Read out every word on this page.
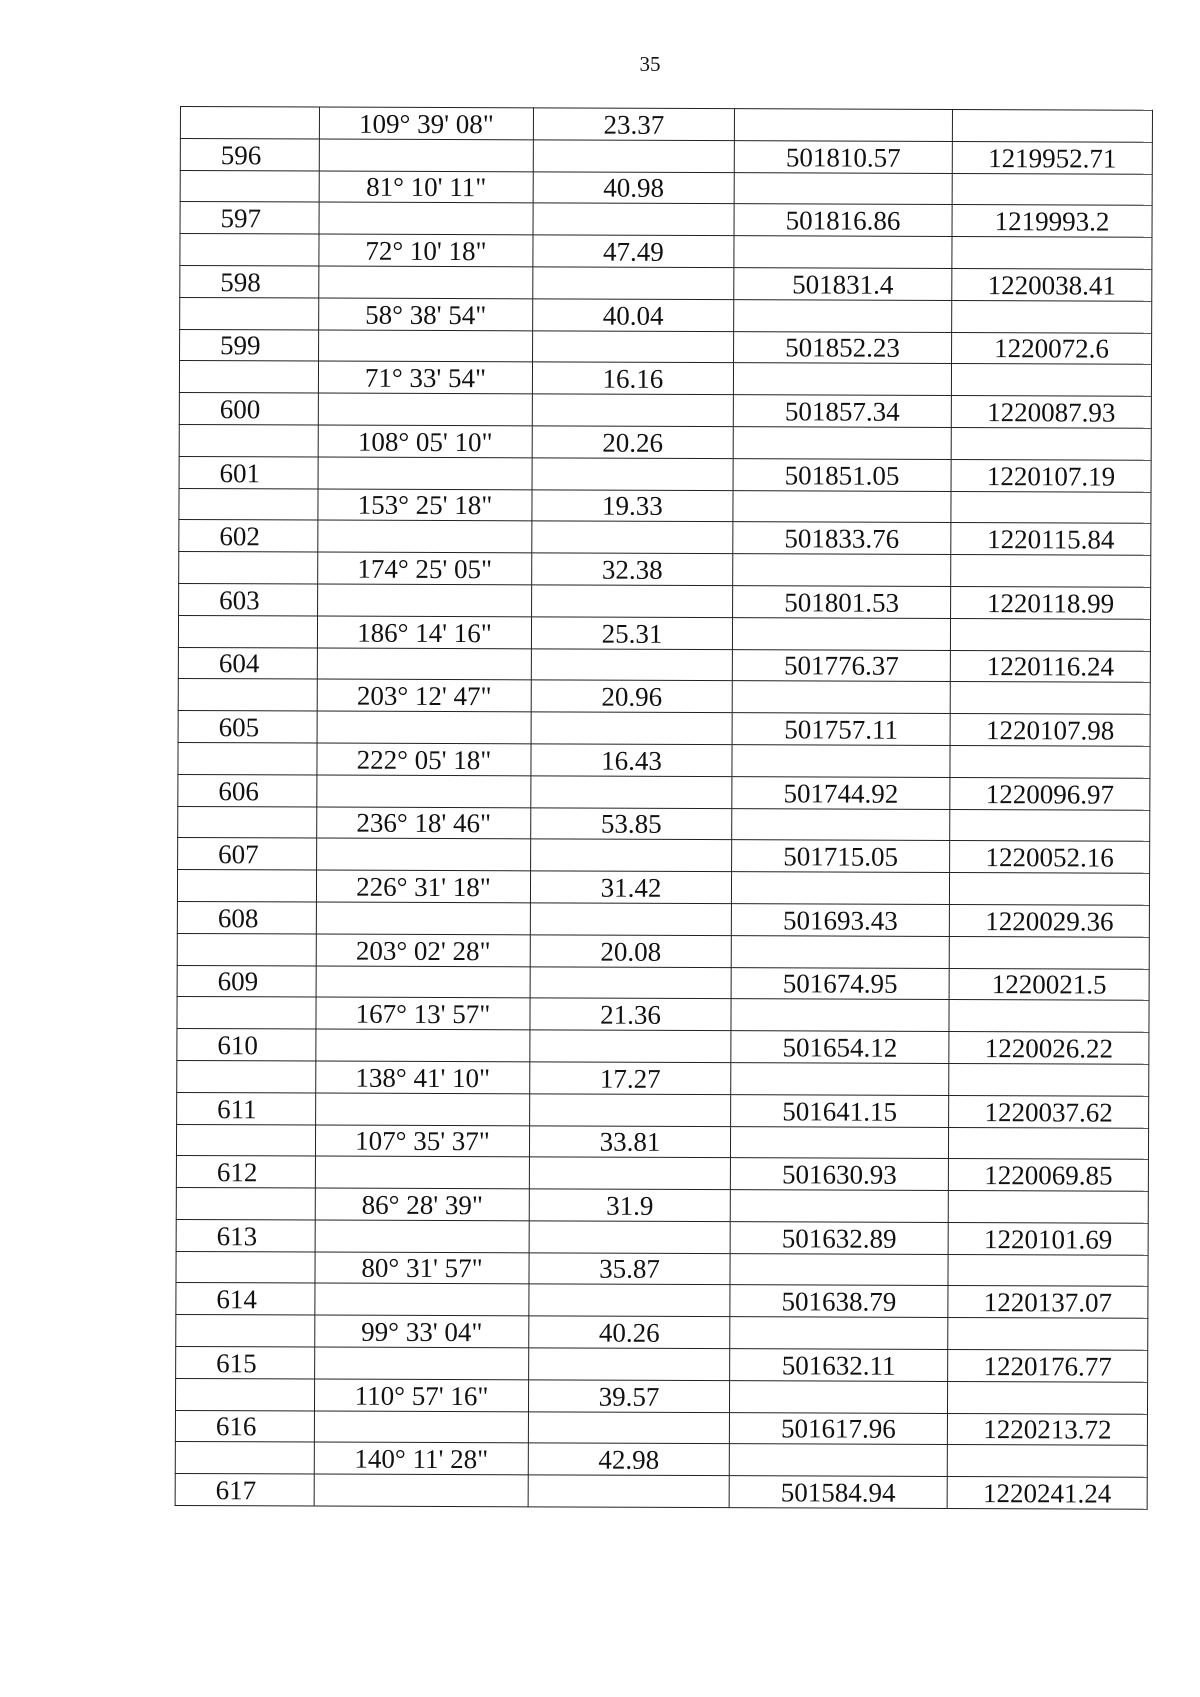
35
	109° 39' 08"	23.37		
596			501810.57	1219952.71
	81° 10' 11"	40.98		
597			501816.86	1219993.2
	72° 10' 18"	47.49		
598			501831.4	1220038.41
	58° 38' 54"	40.04		
599			501852.23	1220072.6
	71° 33' 54"	16.16		
600			501857.34	1220087.93
	108° 05' 10"	20.26		
601			501851.05	1220107.19
	153° 25' 18"	19.33		
602			501833.76	1220115.84
	174° 25' 05"	32.38		
603			501801.53	1220118.99
	186° 14' 16"	25.31		
604			501776.37	1220116.24
	203° 12' 47"	20.96		
605			501757.11	1220107.98
	222° 05' 18"	16.43		
606			501744.92	1220096.97
	236° 18' 46"	53.85		
607			501715.05	1220052.16
	226° 31' 18"	31.42		
608			501693.43	1220029.36
	203° 02' 28"	20.08		
609			501674.95	1220021.5
	167° 13' 57"	21.36		
610			501654.12	1220026.22
	138° 41' 10"	17.27		
611			501641.15	1220037.62
	107° 35' 37"	33.81		
612			501630.93	1220069.85
	86° 28' 39"	31.9		
613			501632.89	1220101.69
	80° 31' 57"	35.87		
614			501638.79	1220137.07
	99° 33' 04"	40.26		
615			501632.11	1220176.77
	110° 57' 16"	39.57		
616			501617.96	1220213.72
	140° 11' 28"	42.98		
617			501584.94	1220241.24
